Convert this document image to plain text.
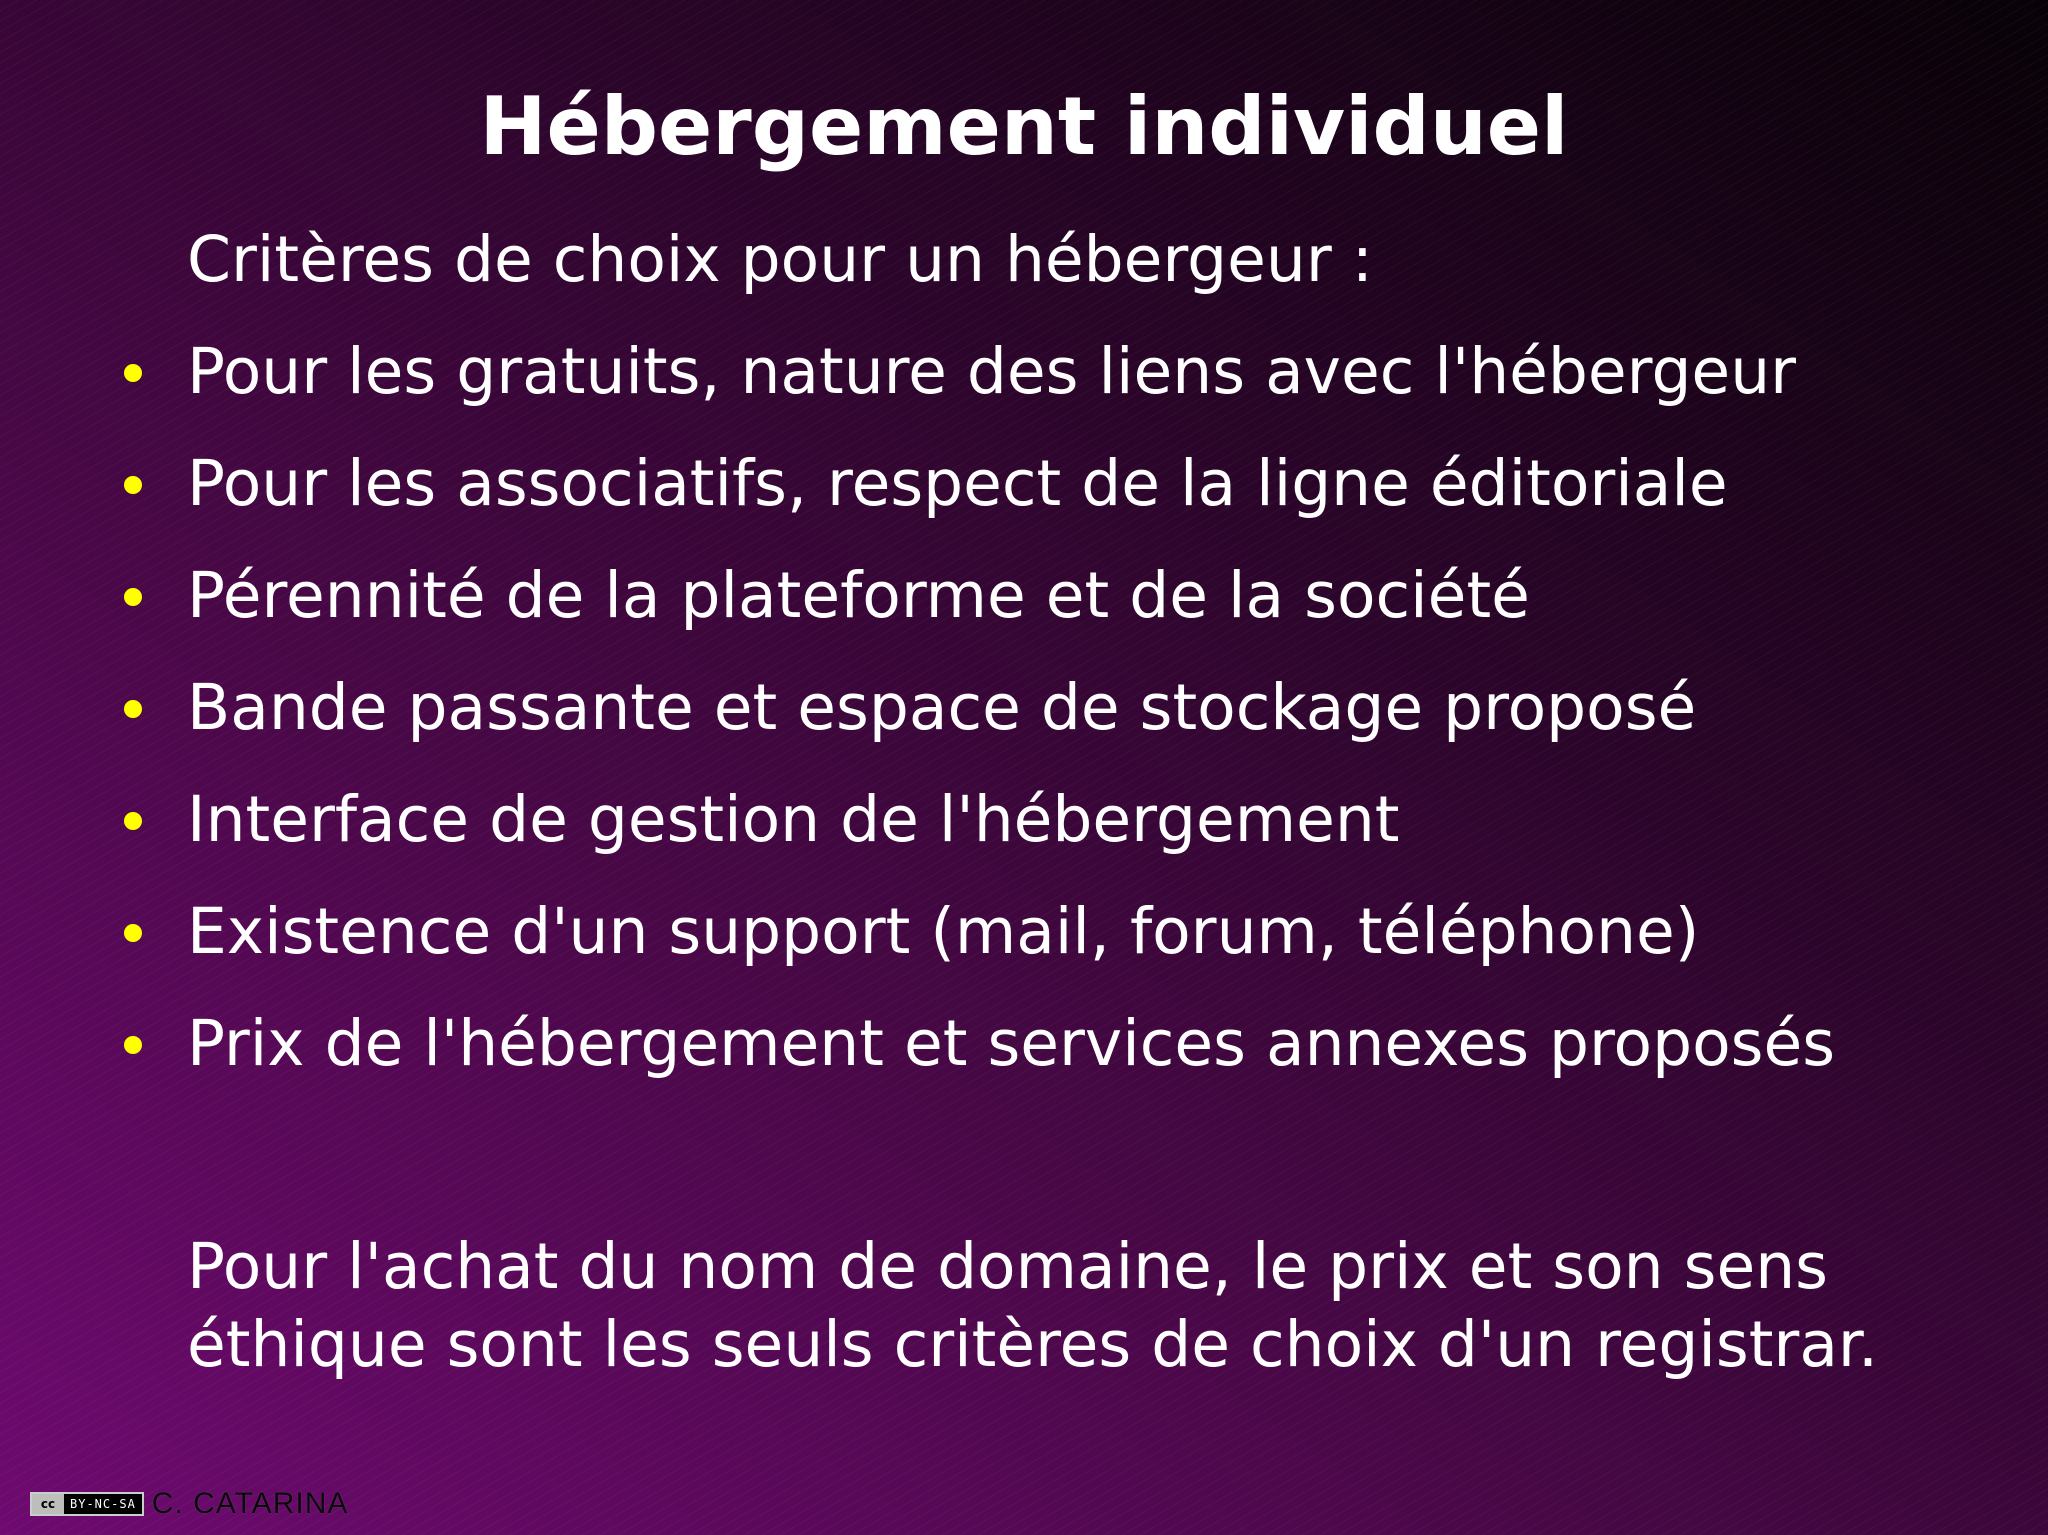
Hébergement individuel

Critères de choix pour un hébergeur :

Pour les gratuits, nature des liens avec l'hébergeur
Pour les associatifs, respect de la ligne éditoriale
Pérennité de la plateforme et de la société
Bande passante et espace de stockage proposé
Interface de gestion de l'hébergement
Existence d'un support (mail, forum, téléphone)
Prix de l'hébergement et services annexes proposés

Pour l'achat du nom de domaine, le prix et son sens
éthique sont les seuls critères de choix d'un registrar.

cc	BY-NC-SA C. CATARINA
